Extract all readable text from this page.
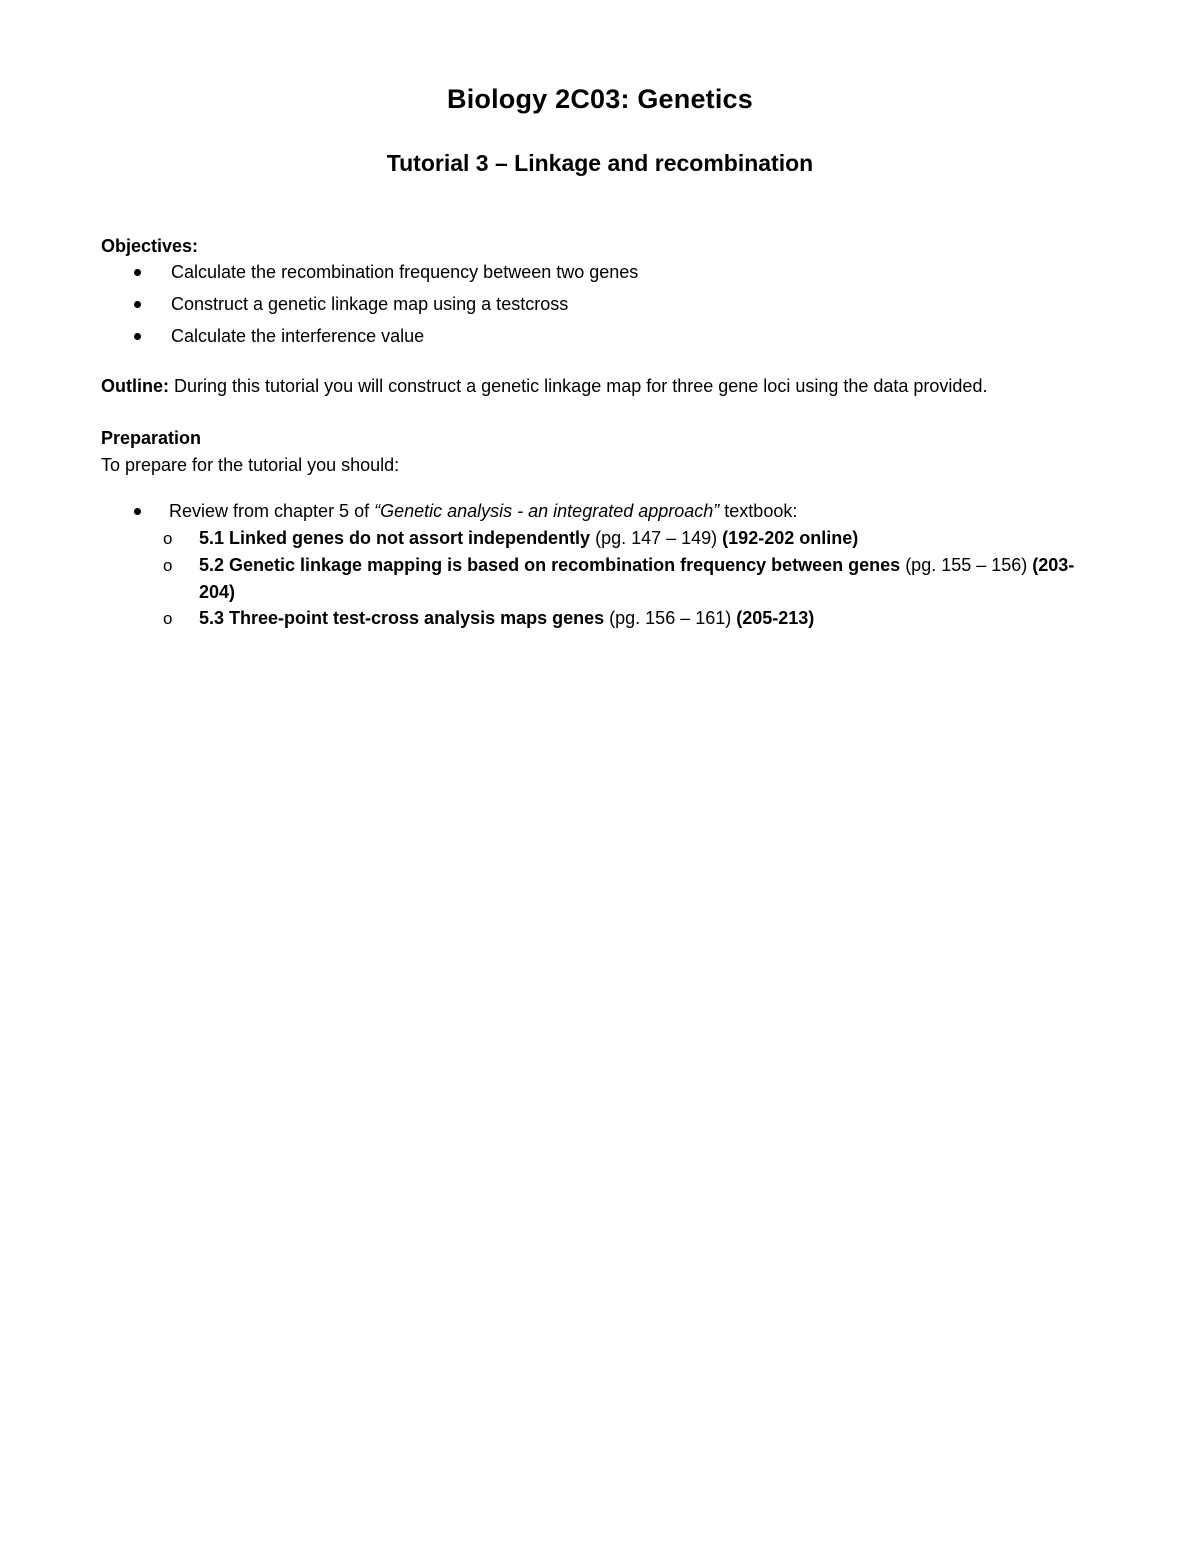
Biology 2C03: Genetics
Tutorial 3 – Linkage and recombination
Objectives:
Calculate the recombination frequency between two genes
Construct a genetic linkage map using a testcross
Calculate the interference value
Outline: During this tutorial you will construct a genetic linkage map for three gene loci using the data provided.
Preparation
To prepare for the tutorial you should:
Review from chapter 5 of “Genetic analysis - an integrated approach” textbook:
o 5.1 Linked genes do not assort independently (pg. 147 – 149) (192-202 online)
o 5.2 Genetic linkage mapping is based on recombination frequency between genes (pg. 155 – 156) (203-204)
o 5.3 Three-point test-cross analysis maps genes (pg. 156 – 161) (205-213)
